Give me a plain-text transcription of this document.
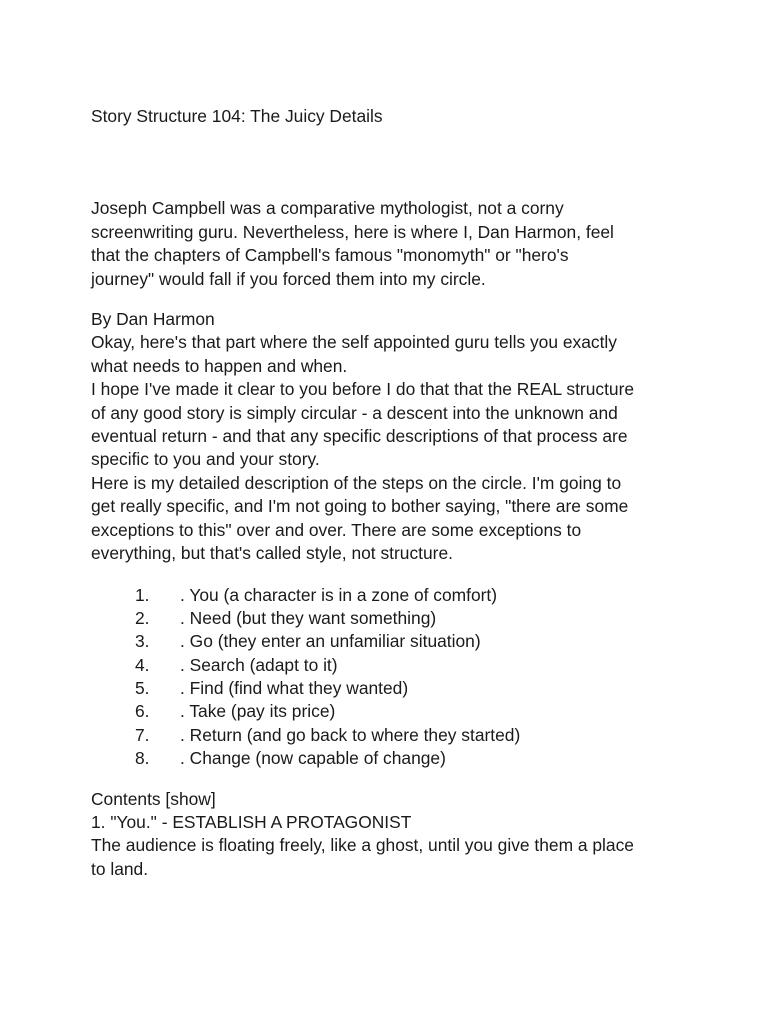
Story Structure 104: The Juicy Details

Joseph Campbell was a comparative mythologist, not a corny
screenwriting guru. Nevertheless, here is where I, Dan Harmon, feel
that the chapters of Campbell's famous "monomyth" or "hero's
journey" would fall if you forced them into my circle.

By Dan Harmon
Okay, here's that part where the self appointed guru tells you exactly
what needs to happen and when.
I hope I've made it clear to you before I do that that the REAL structure
of any good story is simply circular - a descent into the unknown and
eventual return - and that any specific descriptions of that process are
specific to you and your story.
Here is my detailed description of the steps on the circle. I'm going to
get really specific, and I'm not going to bother saying, "there are some
exceptions to this" over and over. There are some exceptions to
everything, but that's called style, not structure.

1.	. You (a character is in a zone of comfort)
2.	. Need (but they want something)
3.	. Go (they enter an unfamiliar situation)
4.	. Search (adapt to it)
5.	. Find (find what they wanted)
6.	. Take (pay its price)
7.	. Return (and go back to where they started)
8.	. Change (now capable of change)

Contents [show]
1. "You." - ESTABLISH A PROTAGONIST
The audience is floating freely, like a ghost, until you give them a place
to land.
